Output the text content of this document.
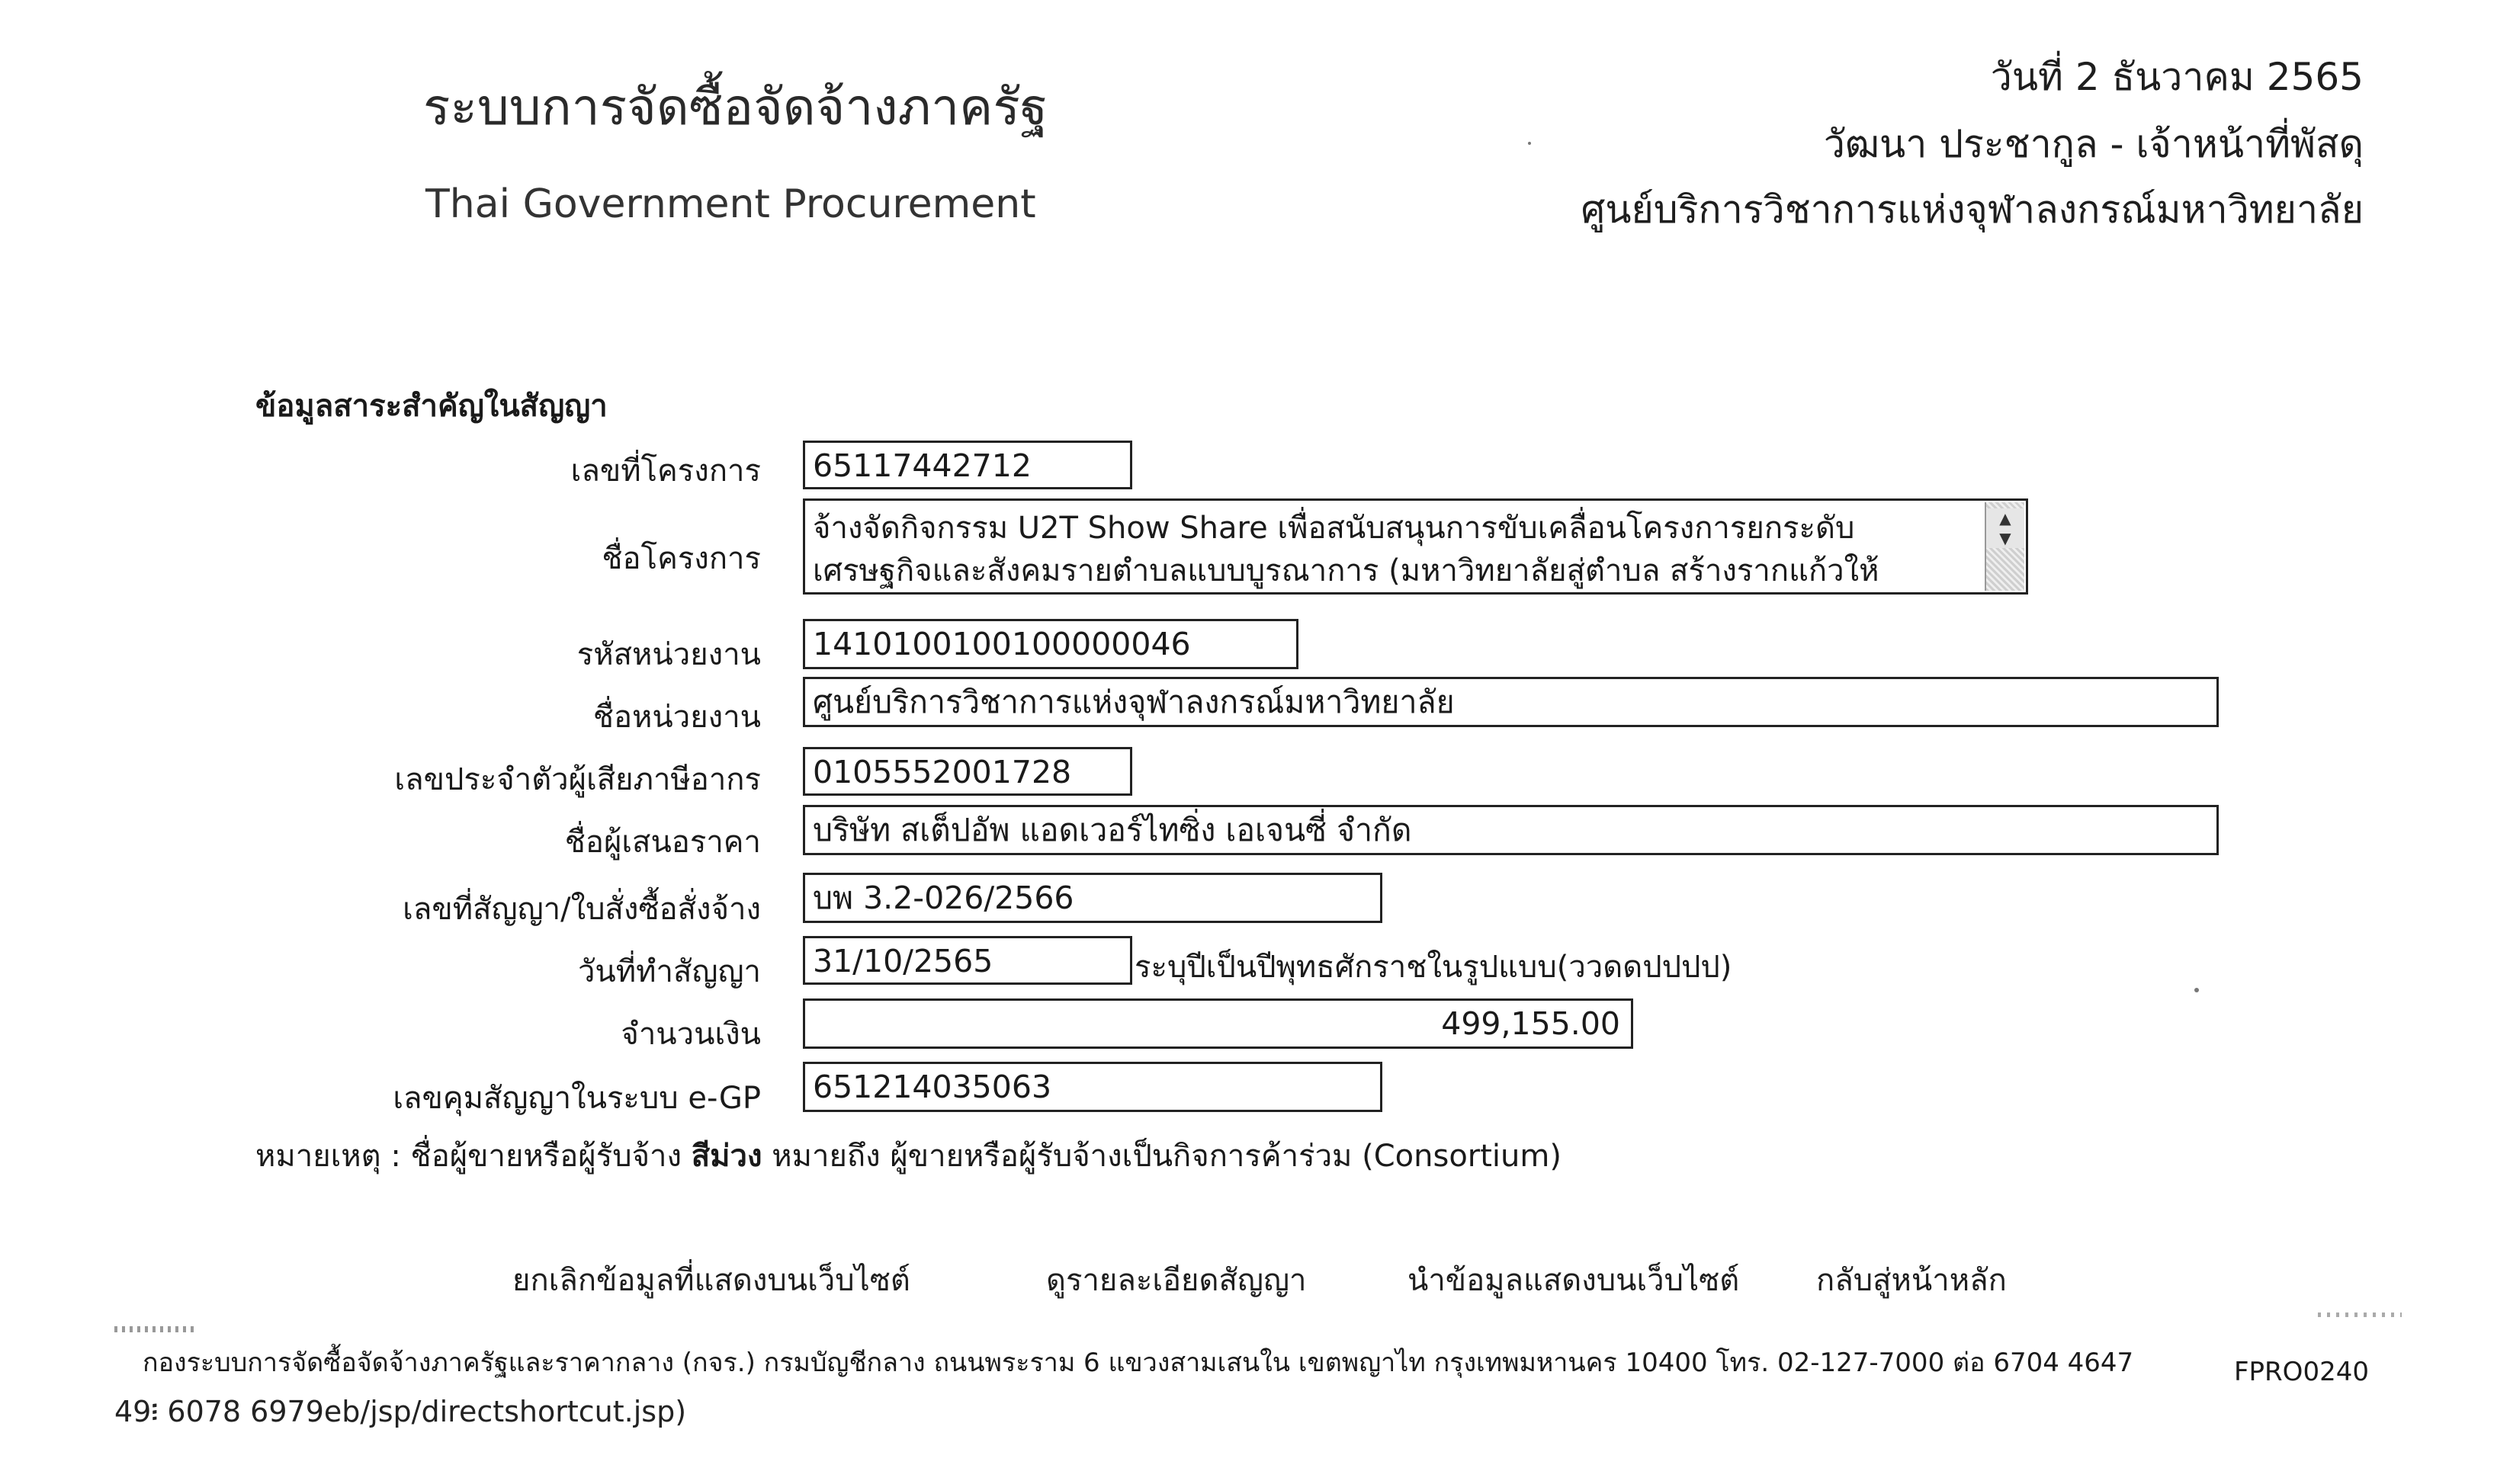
ระบบการจัดซื้อจัดจ้างภาครัฐ
Thai Government Procurement
วันที่ 2 ธันวาคม 2565
วัฒนา ประชากูล - เจ้าหน้าที่พัสดุ
ศูนย์บริการวิชาการแห่งจุฬาลงกรณ์มหาวิทยาลัย
ข้อมูลสาระสำคัญในสัญญา
เลขที่โครงการ	65117442712
ชื่อโครงการ
จ้างจัดกิจกรรม U2T Show Share เพื่อสนับสนุนการขับเคลื่อนโครงการยกระดับ
เศรษฐกิจและสังคมรายตำบลแบบบูรณาการ (มหาวิทยาลัยสู่ตำบล สร้างรากแก้วให้
▲
▼
รหัสหน่วยงาน	1410100100100000046
ชื่อหน่วยงาน	ศูนย์บริการวิชาการแห่งจุฬาลงกรณ์มหาวิทยาลัย
เลขประจำตัวผู้เสียภาษีอากร	0105552001728
ชื่อผู้เสนอราคา	บริษัท สเต็ปอัพ แอดเวอร์ไทซิ่ง เอเจนซี่ จำกัด
เลขที่สัญญา/ใบสั่งซื้อสั่งจ้าง	บพ 3.2-026/2566
วันที่ทำสัญญา	31/10/2565	ระบุปีเป็นปีพุทธศักราชในรูปแบบ(ววดดปปปป)
จำนวนเงิน	499,155.00
เลขคุมสัญญาในระบบ e-GP	651214035063
หมายเหตุ : ชื่อผู้ขายหรือผู้รับจ้าง สีม่วง หมายถึง ผู้ขายหรือผู้รับจ้างเป็นกิจการค้าร่วม (Consortium)
ยกเลิกข้อมูลที่แสดงบนเว็บไซต์	ดูรายละเอียดสัญญา	นำข้อมูลแสดงบนเว็บไซต์	กลับสู่หน้าหลัก
กองระบบการจัดซื้อจัดจ้างภาครัฐและราคากลาง (กจร.) กรมบัญชีกลาง ถนนพระราม 6 แขวงสามเสนใน เขตพญาไท กรุงเทพมหานคร 10400 โทร. 02-127-7000 ต่อ 6704 4647	FPRO0240
49፧ 6078 6979eb/jsp/directshortcut.jsp)
